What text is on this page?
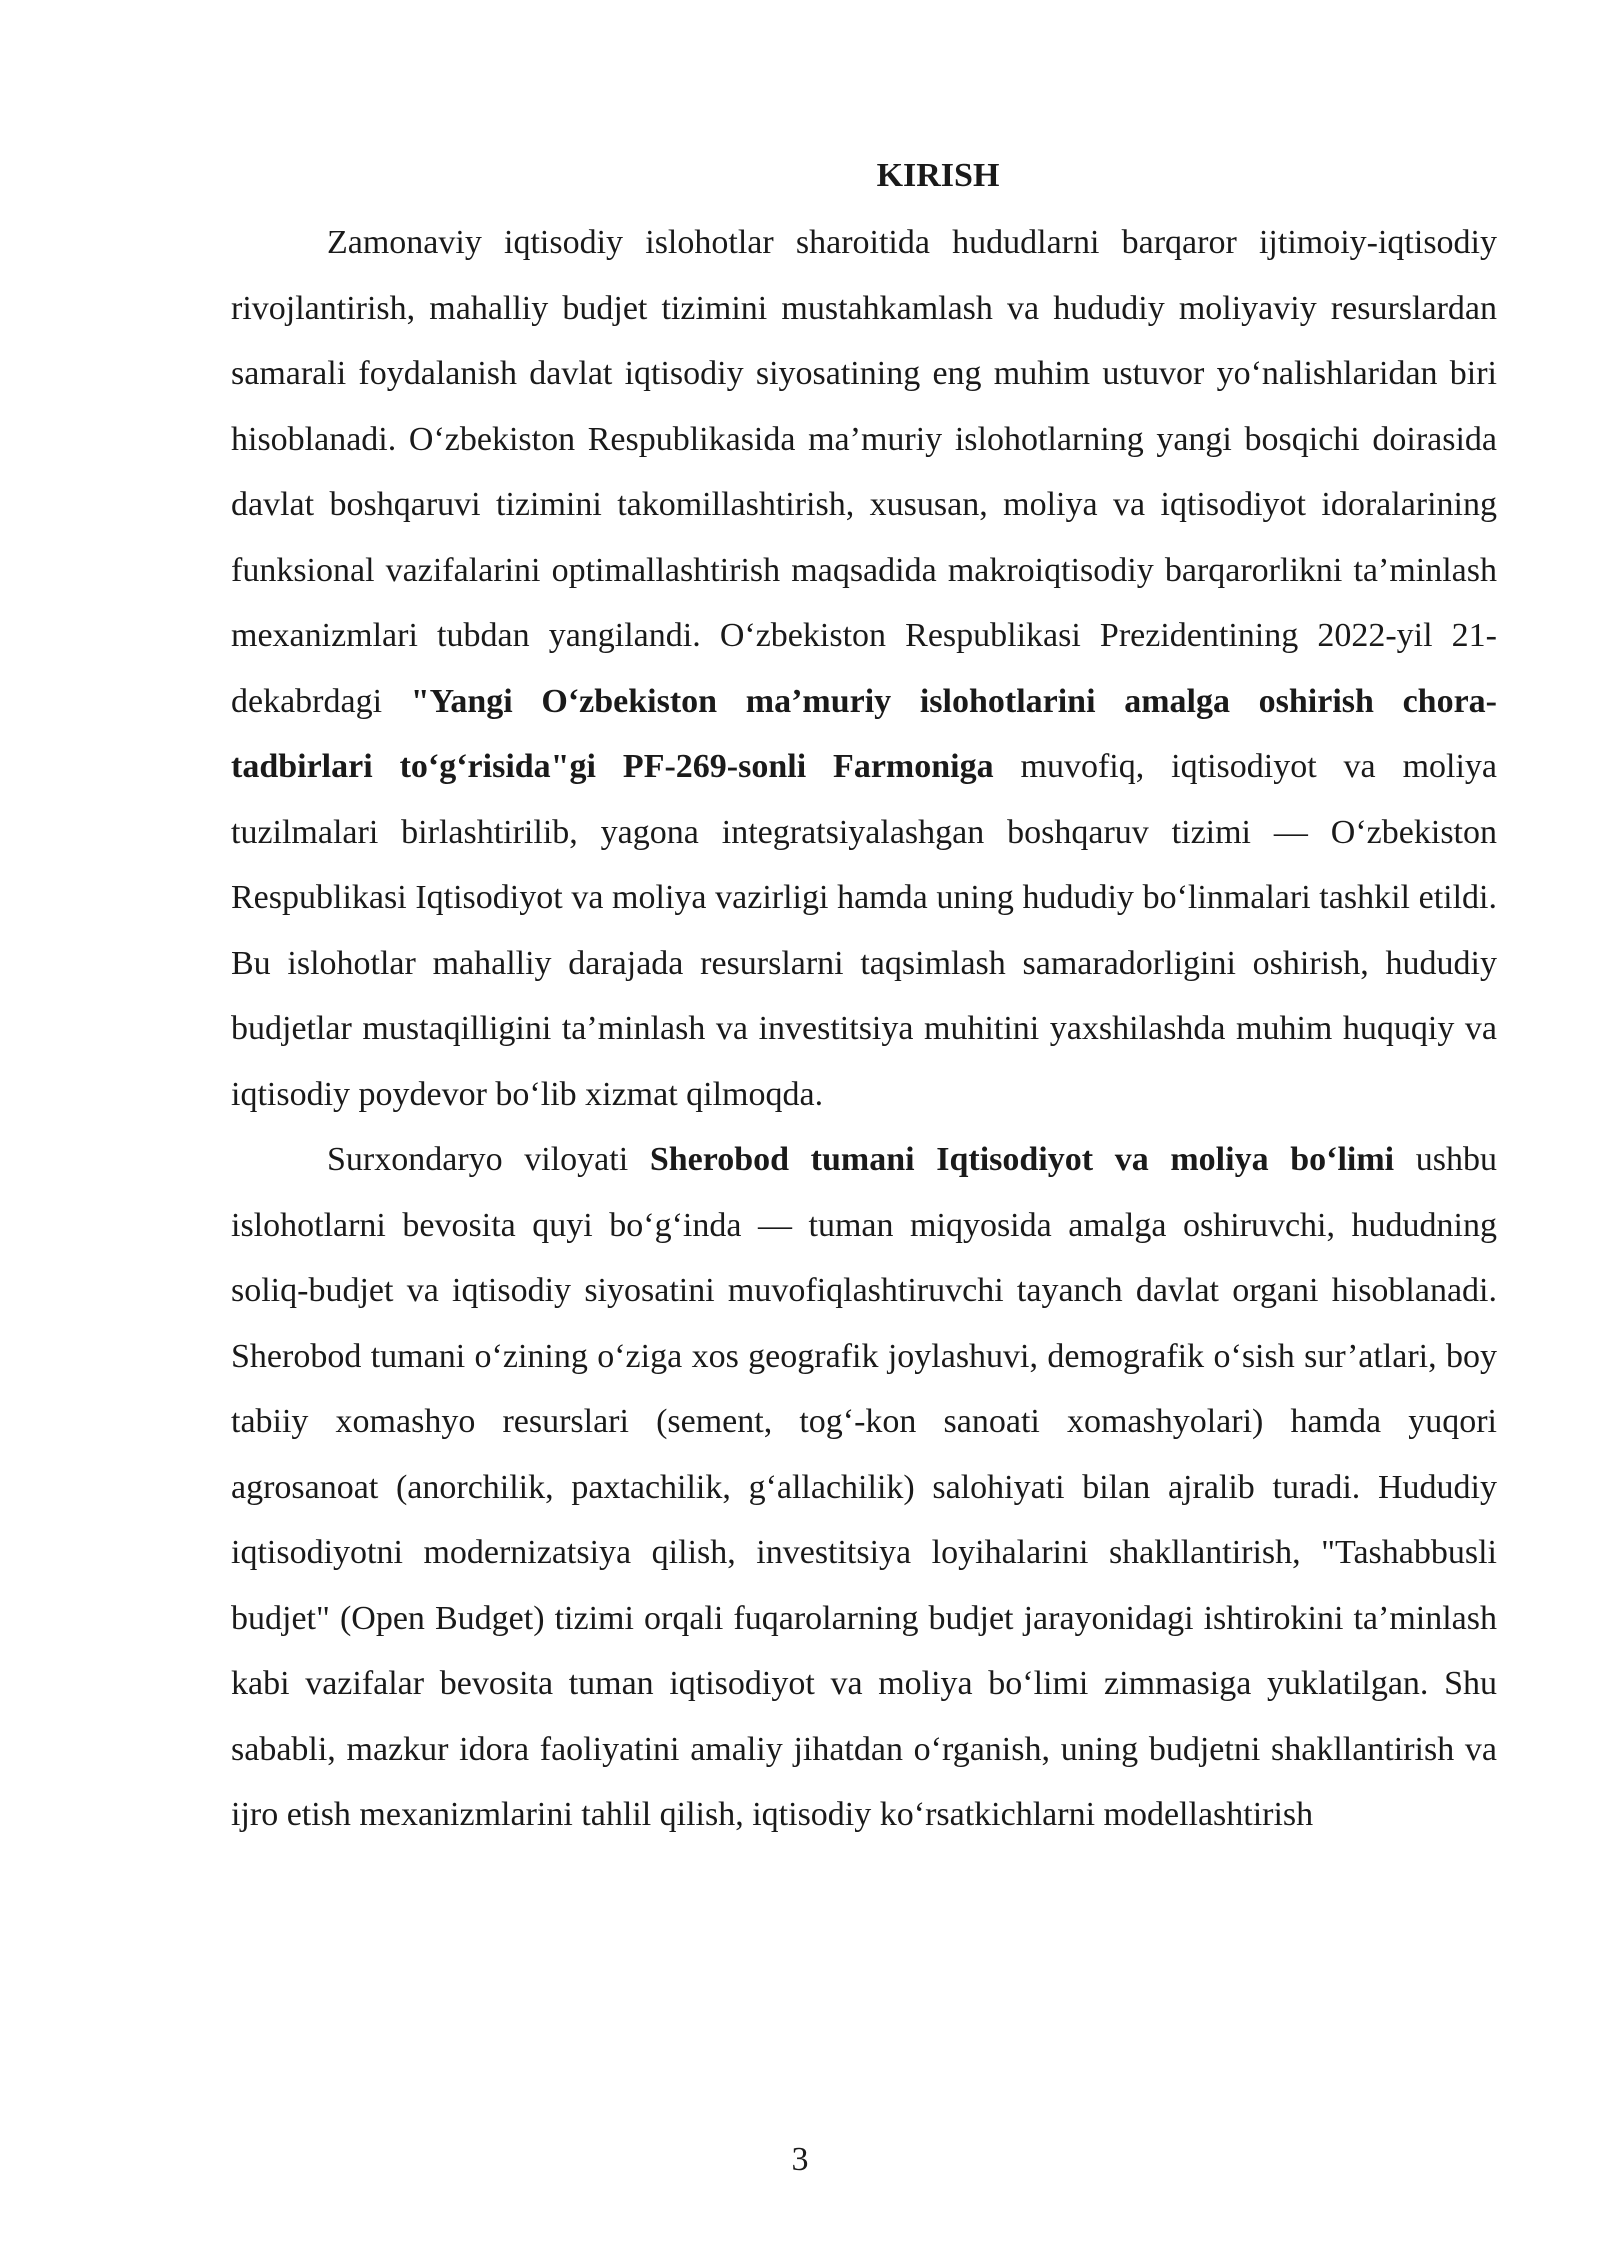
KIRISH

Zamonaviy iqtisodiy islohotlar sharoitida hududlarni barqaror ijtimoiy-iqtisodiy rivojlantirish, mahalliy budjet tizimini mustahkamlash va hududiy moliyaviy resurslardan samarali foydalanish davlat iqtisodiy siyosatining eng muhim ustuvor yo‘nalishlaridan biri hisoblanadi. O‘zbekiston Respublikasida ma’muriy islohotlarning yangi bosqichi doirasida davlat boshqaruvi tizimini takomillashtirish, xususan, moliya va iqtisodiyot idoralarining funksional vazifalarini optimallashtirish maqsadida makroiqtisodiy barqarorlikni ta’minlash mexanizmlari tubdan yangilandi. O‘zbekiston Respublikasi Prezidentining 2022-yil 21-dekabrdagi "Yangi O‘zbekiston ma’muriy islohotlarini amalga oshirish chora-tadbirlari to‘g‘risida"gi PF-269-sonli Farmoniga muvofiq, iqtisodiyot va moliya tuzilmalari birlashtirilib, yagona integratsiyalashgan boshqaruv tizimi — O‘zbekiston Respublikasi Iqtisodiyot va moliya vazirligi hamda uning hududiy bo‘linmalari tashkil etildi. Bu islohotlar mahalliy darajada resurslarni taqsimlash samaradorligini oshirish, hududiy budjetlar mustaqilligini ta’minlash va investitsiya muhitini yaxshilashda muhim huquqiy va iqtisodiy poydevor bo‘lib xizmat qilmoqda.

Surxondaryo viloyati Sherobod tumani Iqtisodiyot va moliya bo‘limi ushbu islohotlarni bevosita quyi bo‘g‘inda — tuman miqyosida amalga oshiruvchi, hududning soliq-budjet va iqtisodiy siyosatini muvofiqlashtiruvchi tayanch davlat organi hisoblanadi. Sherobod tumani o‘zining o‘ziga xos geografik joylashuvi, demografik o‘sish sur’atlari, boy tabiiy xomashyo resurslari (sement, tog‘-kon sanoati xomashyolari) hamda yuqori agrosanoat (anorchilik, paxtachilik, g‘allachilik) salohiyati bilan ajralib turadi. Hududiy iqtisodiyotni modernizatsiya qilish, investitsiya loyihalarini shakllantirish, "Tashabbusli budjet" (Open Budget) tizimi orqali fuqarolarning budjet jarayonidagi ishtirokini ta’minlash kabi vazifalar bevosita tuman iqtisodiyot va moliya bo‘limi zimmasiga yuklatilgan. Shu sababli, mazkur idora faoliyatini amaliy jihatdan o‘rganish, uning budjetni shakllantirish va ijro etish mexanizmlarini tahlil qilish, iqtisodiy ko‘rsatkichlarni modellashtirish

3
